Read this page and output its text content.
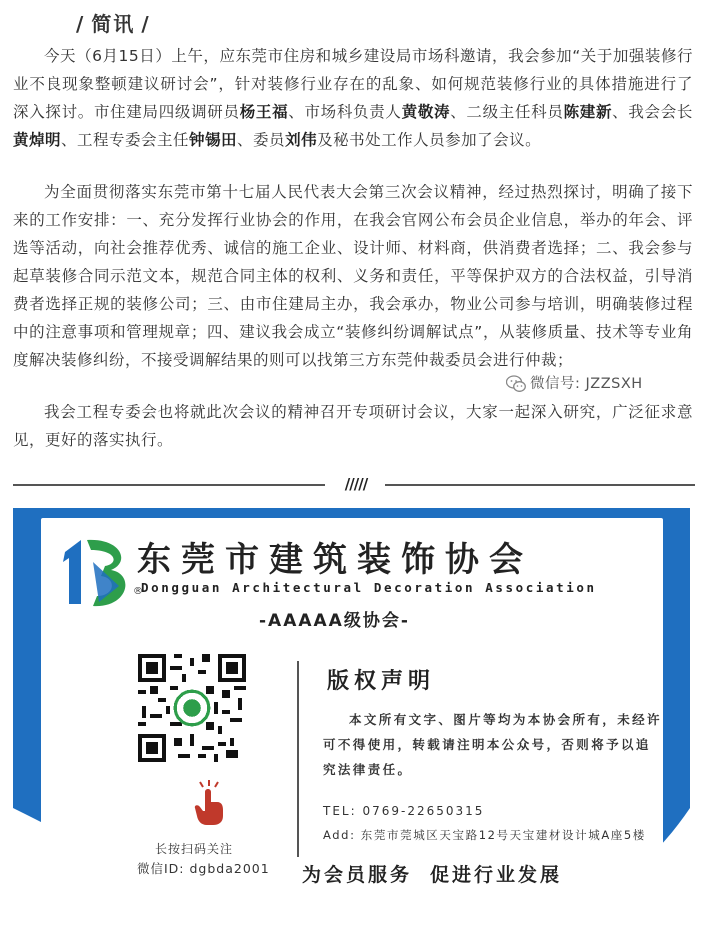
/ 简讯 /

今天（6月15日）上午，应东莞市住房和城乡建设局市场科邀请，我会参加“关于加强装修行业不良现象整顿建议研讨会”，针对装修行业存在的乱象、如何规范装修行业的具体措施进行了深入探讨。市住建局四级调研员杨王福、市场科负责人黄敬涛、二级主任科员陈建新、我会会长黄焯明、工程专委会主任钟锡田、委员刘伟及秘书处工作人员参加了会议。

为全面贯彻落实东莞市第十七届人民代表大会第三次会议精神，经过热烈探讨，明确了接下来的工作安排：一、充分发挥行业协会的作用，在我会官网公布会员企业信息，举办的年会、评选等活动，向社会推荐优秀、诚信的施工企业、设计师、材料商，供消费者选择；二、我会参与起草装修合同示范文本，规范合同主体的权利、义务和责任，平等保护双方的合法权益，引导消费者选择正规的装修公司；三、由市住建局主办，我会承办，物业公司参与培训，明确装修过程中的注意事项和管理规章；四、建议我会成立“装修纠纷调解试点”，从装修质量、技术等专业角度解决装修纠纷，不接受调解结果的则可以找第三方东莞仲裁委员会进行仲裁；

我会工程专委会也将就此次会议的精神召开专项研讨会议，大家一起深入研究，广泛征求意见，更好的落实执行。

/////
®
东莞市建筑装饰协会
Dongguan Architectural Decoration Association
-AAAAA级协会-
长按扫码关注
微信ID: dgbda2001
版权声明

本文所有文字、图片等均为本协会所有，未经许可不得使用，转载请注明本公众号，否则将予以追究法律责任。

TEL: 0769-22650315
Add: 东莞市莞城区天宝路12号天宝建材设计城A座5楼
为会员服务 促进行业发展
微信号: JZZSXH
